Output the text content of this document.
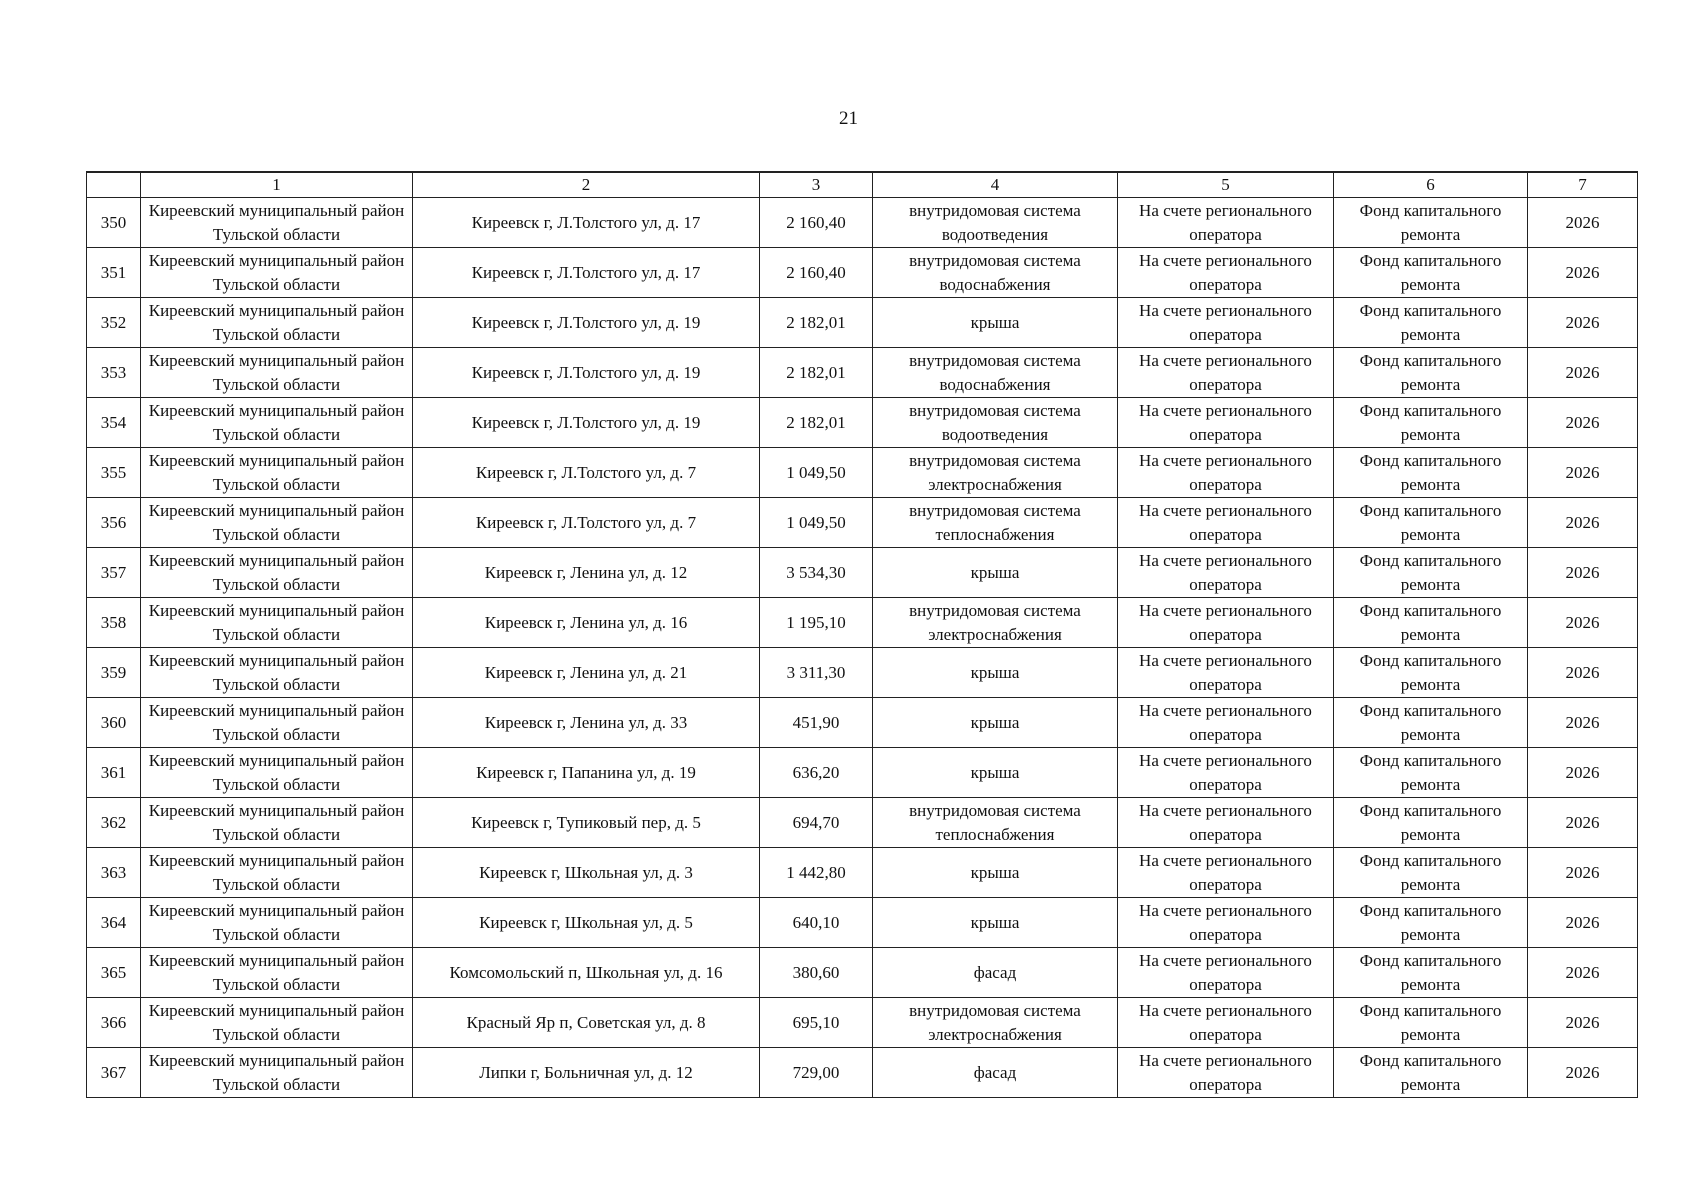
21
	1	2	3	4	5	6	7
350	Киреевский муниципальный район Тульской области	Киреевск г, Л.Толстого ул, д. 17	2 160,40	внутридомовая система водоотведения	На счете регионального оператора	Фонд капитального ремонта	2026
351	Киреевский муниципальный район Тульской области	Киреевск г, Л.Толстого ул, д. 17	2 160,40	внутридомовая система водоснабжения	На счете регионального оператора	Фонд капитального ремонта	2026
352	Киреевский муниципальный район Тульской области	Киреевск г, Л.Толстого ул, д. 19	2 182,01	крыша	На счете регионального оператора	Фонд капитального ремонта	2026
353	Киреевский муниципальный район Тульской области	Киреевск г, Л.Толстого ул, д. 19	2 182,01	внутридомовая система водоснабжения	На счете регионального оператора	Фонд капитального ремонта	2026
354	Киреевский муниципальный район Тульской области	Киреевск г, Л.Толстого ул, д. 19	2 182,01	внутридомовая система водоотведения	На счете регионального оператора	Фонд капитального ремонта	2026
355	Киреевский муниципальный район Тульской области	Киреевск г, Л.Толстого ул, д. 7	1 049,50	внутридомовая система электроснабжения	На счете регионального оператора	Фонд капитального ремонта	2026
356	Киреевский муниципальный район Тульской области	Киреевск г, Л.Толстого ул, д. 7	1 049,50	внутридомовая система теплоснабжения	На счете регионального оператора	Фонд капитального ремонта	2026
357	Киреевский муниципальный район Тульской области	Киреевск г, Ленина ул, д. 12	3 534,30	крыша	На счете регионального оператора	Фонд капитального ремонта	2026
358	Киреевский муниципальный район Тульской области	Киреевск г, Ленина ул, д. 16	1 195,10	внутридомовая система электроснабжения	На счете регионального оператора	Фонд капитального ремонта	2026
359	Киреевский муниципальный район Тульской области	Киреевск г, Ленина ул, д. 21	3 311,30	крыша	На счете регионального оператора	Фонд капитального ремонта	2026
360	Киреевский муниципальный район Тульской области	Киреевск г, Ленина ул, д. 33	451,90	крыша	На счете регионального оператора	Фонд капитального ремонта	2026
361	Киреевский муниципальный район Тульской области	Киреевск г, Папанина ул, д. 19	636,20	крыша	На счете регионального оператора	Фонд капитального ремонта	2026
362	Киреевский муниципальный район Тульской области	Киреевск г, Тупиковый пер, д. 5	694,70	внутридомовая система теплоснабжения	На счете регионального оператора	Фонд капитального ремонта	2026
363	Киреевский муниципальный район Тульской области	Киреевск г, Школьная ул, д. 3	1 442,80	крыша	На счете регионального оператора	Фонд капитального ремонта	2026
364	Киреевский муниципальный район Тульской области	Киреевск г, Школьная ул, д. 5	640,10	крыша	На счете регионального оператора	Фонд капитального ремонта	2026
365	Киреевский муниципальный район Тульской области	Комсомольский п, Школьная ул, д. 16	380,60	фасад	На счете регионального оператора	Фонд капитального ремонта	2026
366	Киреевский муниципальный район Тульской области	Красный Яр п, Советская ул, д. 8	695,10	внутридомовая система электроснабжения	На счете регионального оператора	Фонд капитального ремонта	2026
367	Киреевский муниципальный район Тульской области	Липки г, Больничная ул, д. 12	729,00	фасад	На счете регионального оператора	Фонд капитального ремонта	2026
